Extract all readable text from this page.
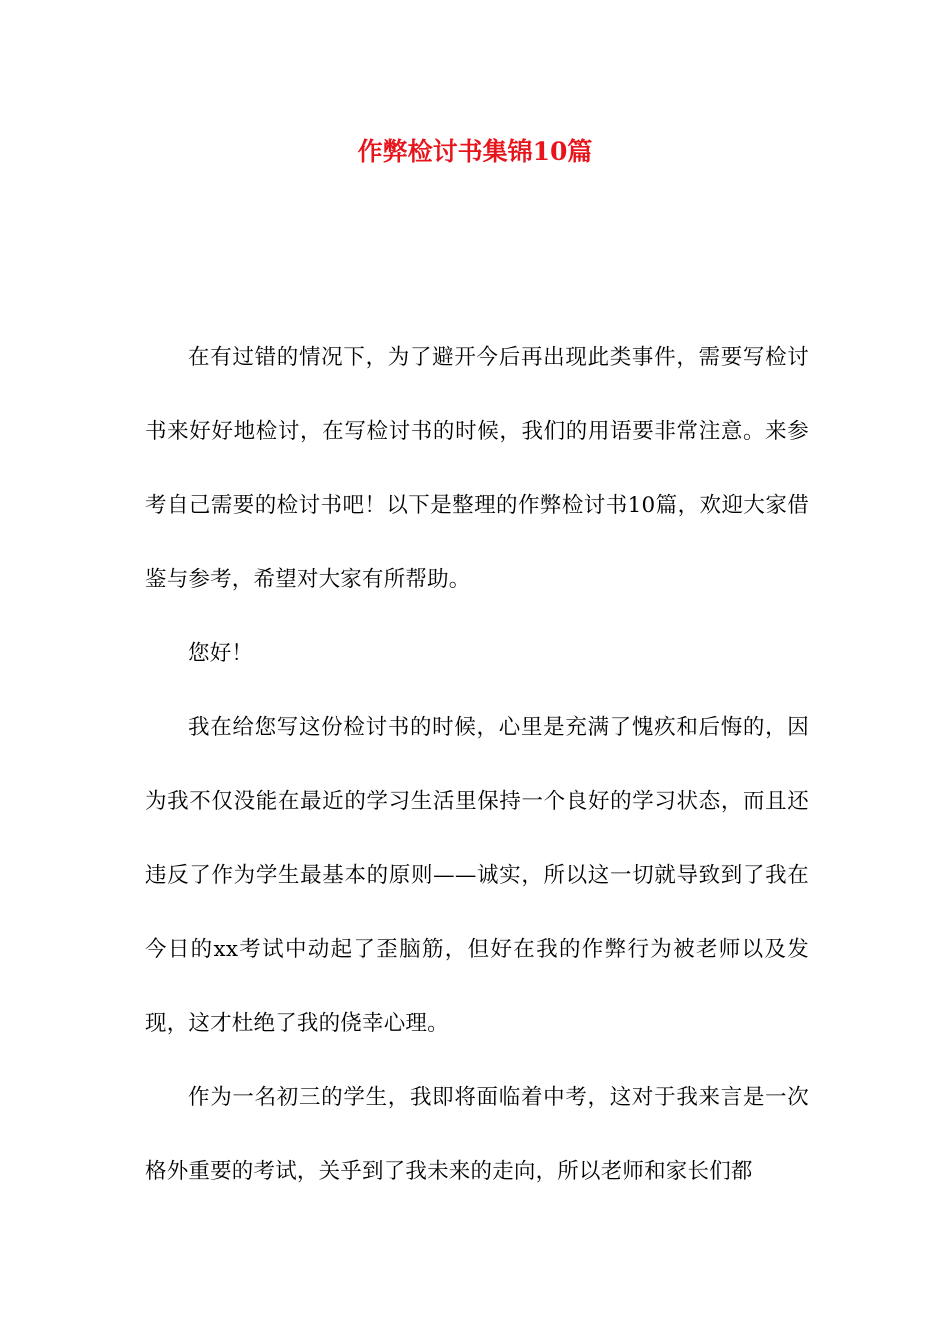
作弊检讨书集锦10篇

在有过错的情况下，为了避开今后再出现此类事件，需要写检讨书来好好地检讨，在写检讨书的时候，我们的用语要非常注意。来参考自己需要的检讨书吧！以下是整理的作弊检讨书10篇，欢迎大家借鉴与参考，希望对大家有所帮助。

您好！

我在给您写这份检讨书的时候，心里是充满了愧疚和后悔的，因为我不仅没能在最近的学习生活里保持一个良好的学习状态，而且还违反了作为学生最基本的原则——诚实，所以这一切就导致到了我在今日的xx考试中动起了歪脑筋，但好在我的作弊行为被老师以及发现，这才杜绝了我的侥幸心理。

作为一名初三的学生，我即将面临着中考，这对于我来言是一次格外重要的考试，关乎到了我未来的走向，所以老师和家长们都
